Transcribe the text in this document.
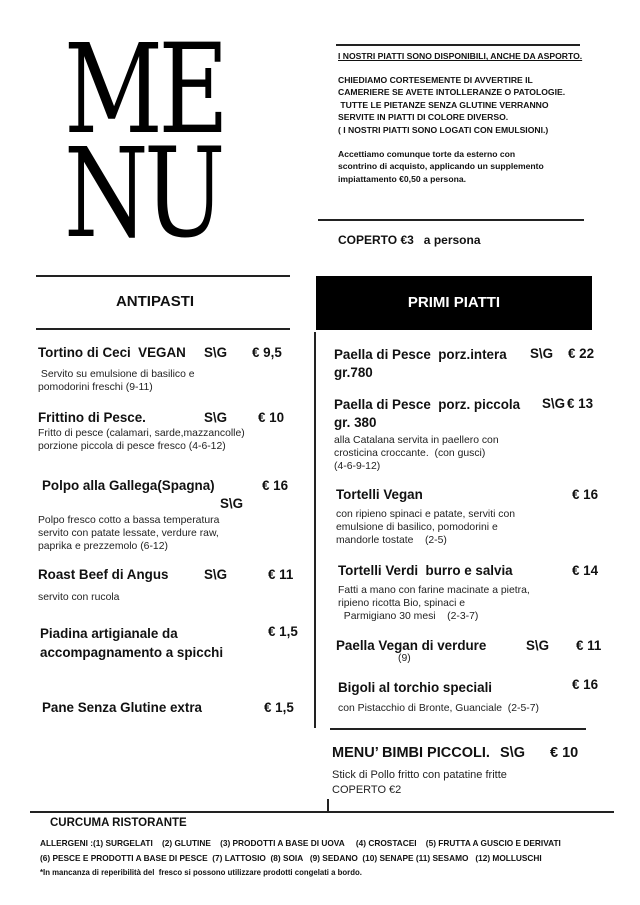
ME
NU
I NOSTRI PIATTI SONO DISPONIBILI, ANCHE DA ASPORTO.
CHIEDIAMO CORTESEMENTE DI AVVERTIRE IL
CAMERIERE SE AVETE INTOLLERANZE O PATOLOGIE.
TUTTE LE PIETANZE SENZA GLUTINE VERRANNO
SERVITE IN PIATTI DI COLORE DIVERSO.
( I NOSTRI PIATTI SONO LOGATI CON EMULSIONI.)
Accettiamo comunque torte da esterno con
scontrino di acquisto, applicando un supplemento
impiattamento €0,50 a persona.
COPERTO €3   a persona
ANTIPASTI	PRIMI PIATTI
Tortino di Ceci  VEGAN
Servito su emulsione di basilico e
pomodorini freschi (9-11)
S\G € 9,5
Frittino di Pesce.
Fritto di pesce (calamari, sarde,mazzancolle)
porzione piccola di pesce fresco (4-6-12)
S\G € 10
Polpo alla Gallega(Spagna)
S\G
€ 16
Polpo fresco cotto a bassa temperatura
servito con patate lessate, verdure raw,
paprika e prezzemolo (6-12)
Roast Beef di Angus
servito con rucola
S\G	€ 11
Piadina artigianale da
accompagnamento a spicchi
€ 1,5
Pane Senza Glutine extra	€ 1,5
Paella di Pesce  porz.intera
gr.780
S\G € 22
Paella di Pesce  porz. piccola
gr. 380
alla Catalana servita in paellero con
crosticina croccante.  (con gusci)
(4-6-9-12)
S\G € 13
Tortelli Vegan
con ripieno spinaci e patate, serviti con
emulsione di basilico, pomodorini e
mandorle tostate    (2-5)
€ 16
Tortelli Verdi  burro e salvia
Fatti a mano con farine macinate a pietra,
ripieno ricotta Bio, spinaci e
Parmigiano 30 mesi    (2-3-7)
€ 14
Paella Vegan di verdure
(9)
S\G € 11
Bigoli al torchio speciali
con Pistacchio di Bronte, Guanciale  (2-5-7)
€ 16
MENU’ BIMBI PICCOLI. S\G € 10
Stick di Pollo fritto con patatine fritte
COPERTO €2
CURCUMA RISTORANTE
ALLERGENI :(1) SURGELATI    (2) GLUTINE    (3) PRODOTTI A BASE DI UOVA     (4) CROSTACEI    (5) FRUTTA A GUSCIO E DERIVATI
(6) PESCE E PRODOTTI A BASE DI PESCE  (7) LATTOSIO  (8) SOIA   (9) SEDANO  (10) SENAPE (11) SESAMO   (12) MOLLUSCHI
*In mancanza di reperibilità del  fresco si possono utilizzare prodotti congelati a bordo.
